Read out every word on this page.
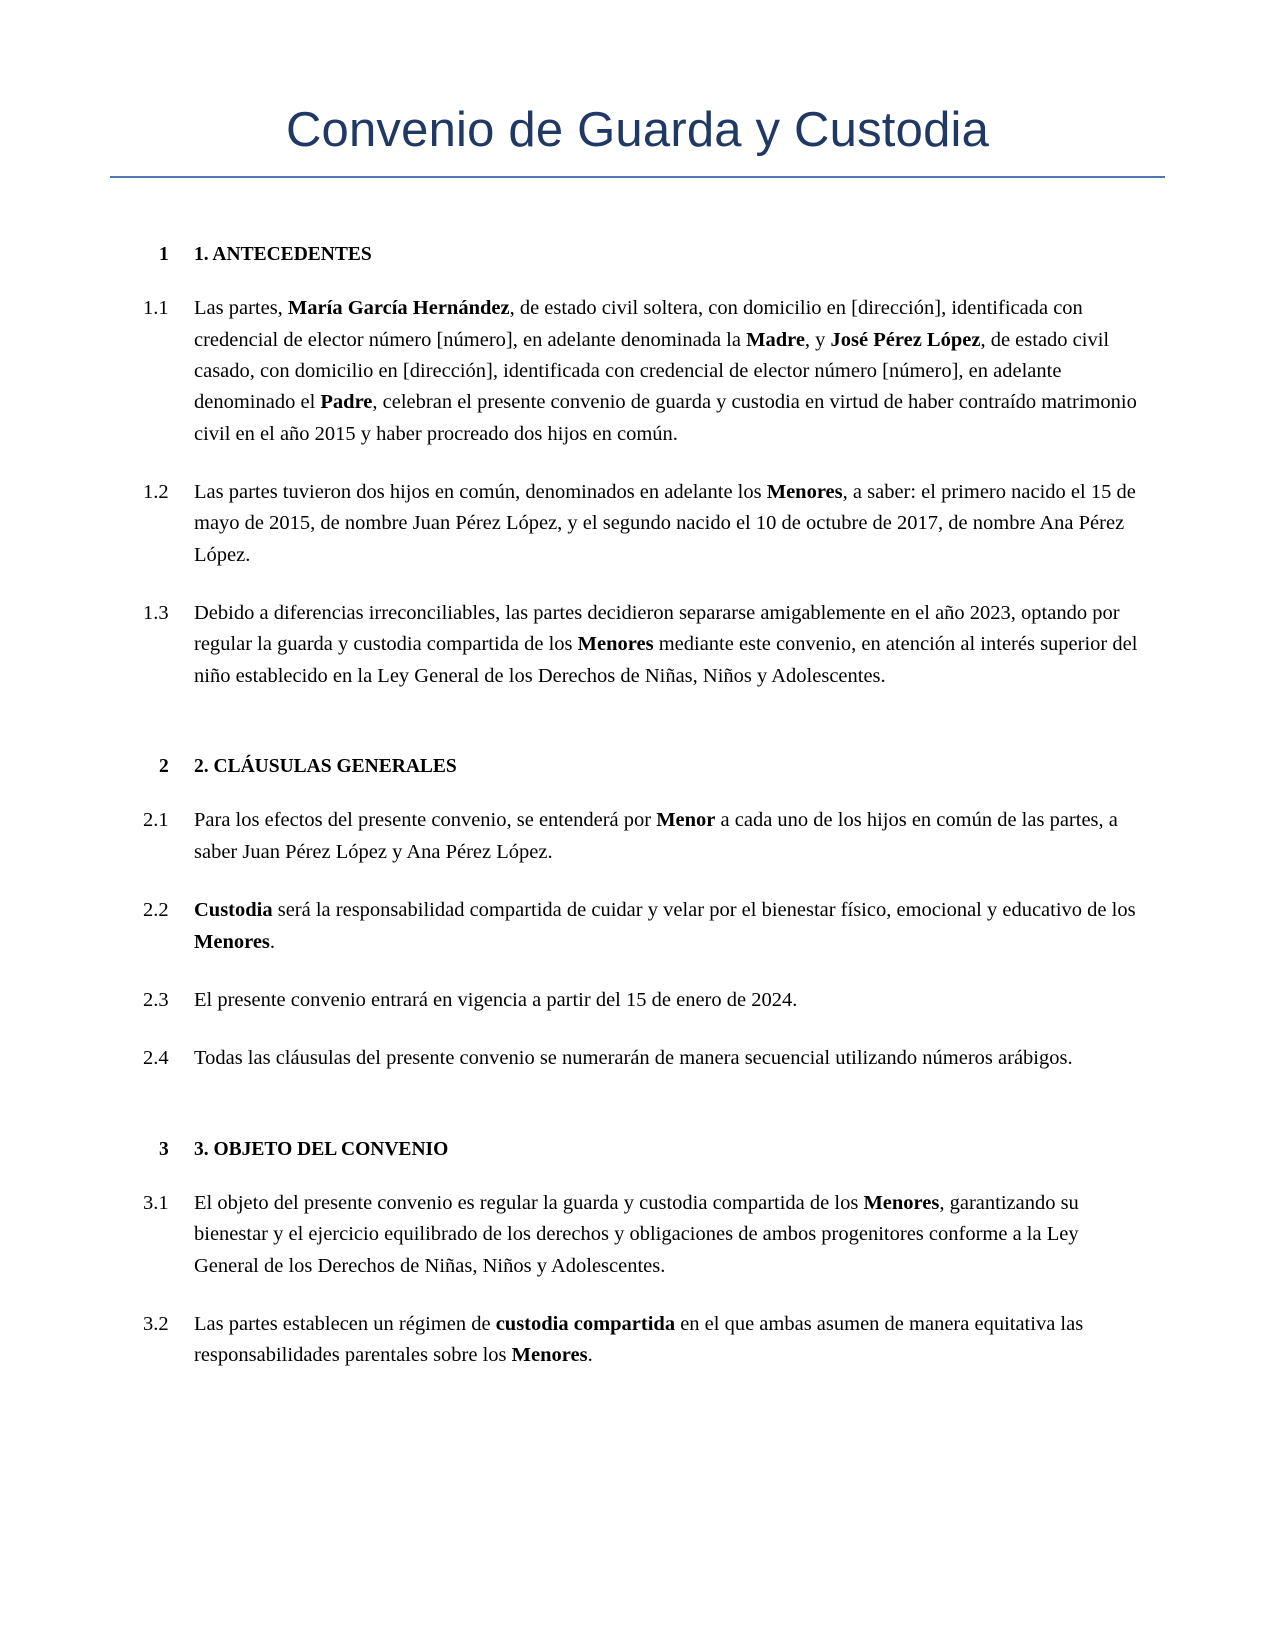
Convenio de Guarda y Custodia
1	1. ANTECEDENTES
1.1	Las partes, María García Hernández, de estado civil soltera, con domicilio en [dirección], identificada con credencial de elector número [número], en adelante denominada la Madre, y José Pérez López, de estado civil casado, con domicilio en [dirección], identificada con credencial de elector número [número], en adelante denominado el Padre, celebran el presente convenio de guarda y custodia en virtud de haber contraído matrimonio civil en el año 2015 y haber procreado dos hijos en común.
1.2	Las partes tuvieron dos hijos en común, denominados en adelante los Menores, a saber: el primero nacido el 15 de mayo de 2015, de nombre Juan Pérez López, y el segundo nacido el 10 de octubre de 2017, de nombre Ana Pérez López.
1.3	Debido a diferencias irreconciliables, las partes decidieron separarse amigablemente en el año 2023, optando por regular la guarda y custodia compartida de los Menores mediante este convenio, en atención al interés superior del niño establecido en la Ley General de los Derechos de Niñas, Niños y Adolescentes.
2	2. CLÁUSULAS GENERALES
2.1	Para los efectos del presente convenio, se entenderá por Menor a cada uno de los hijos en común de las partes, a saber Juan Pérez López y Ana Pérez López.
2.2	Custodia será la responsabilidad compartida de cuidar y velar por el bienestar físico, emocional y educativo de los Menores.
2.3	El presente convenio entrará en vigencia a partir del 15 de enero de 2024.
2.4	Todas las cláusulas del presente convenio se numerarán de manera secuencial utilizando números arábigos.
3	3. OBJETO DEL CONVENIO
3.1	El objeto del presente convenio es regular la guarda y custodia compartida de los Menores, garantizando su bienestar y el ejercicio equilibrado de los derechos y obligaciones de ambos progenitores conforme a la Ley General de los Derechos de Niñas, Niños y Adolescentes.
3.2	Las partes establecen un régimen de custodia compartida en el que ambas asumen de manera equitativa las responsabilidades parentales sobre los Menores.
